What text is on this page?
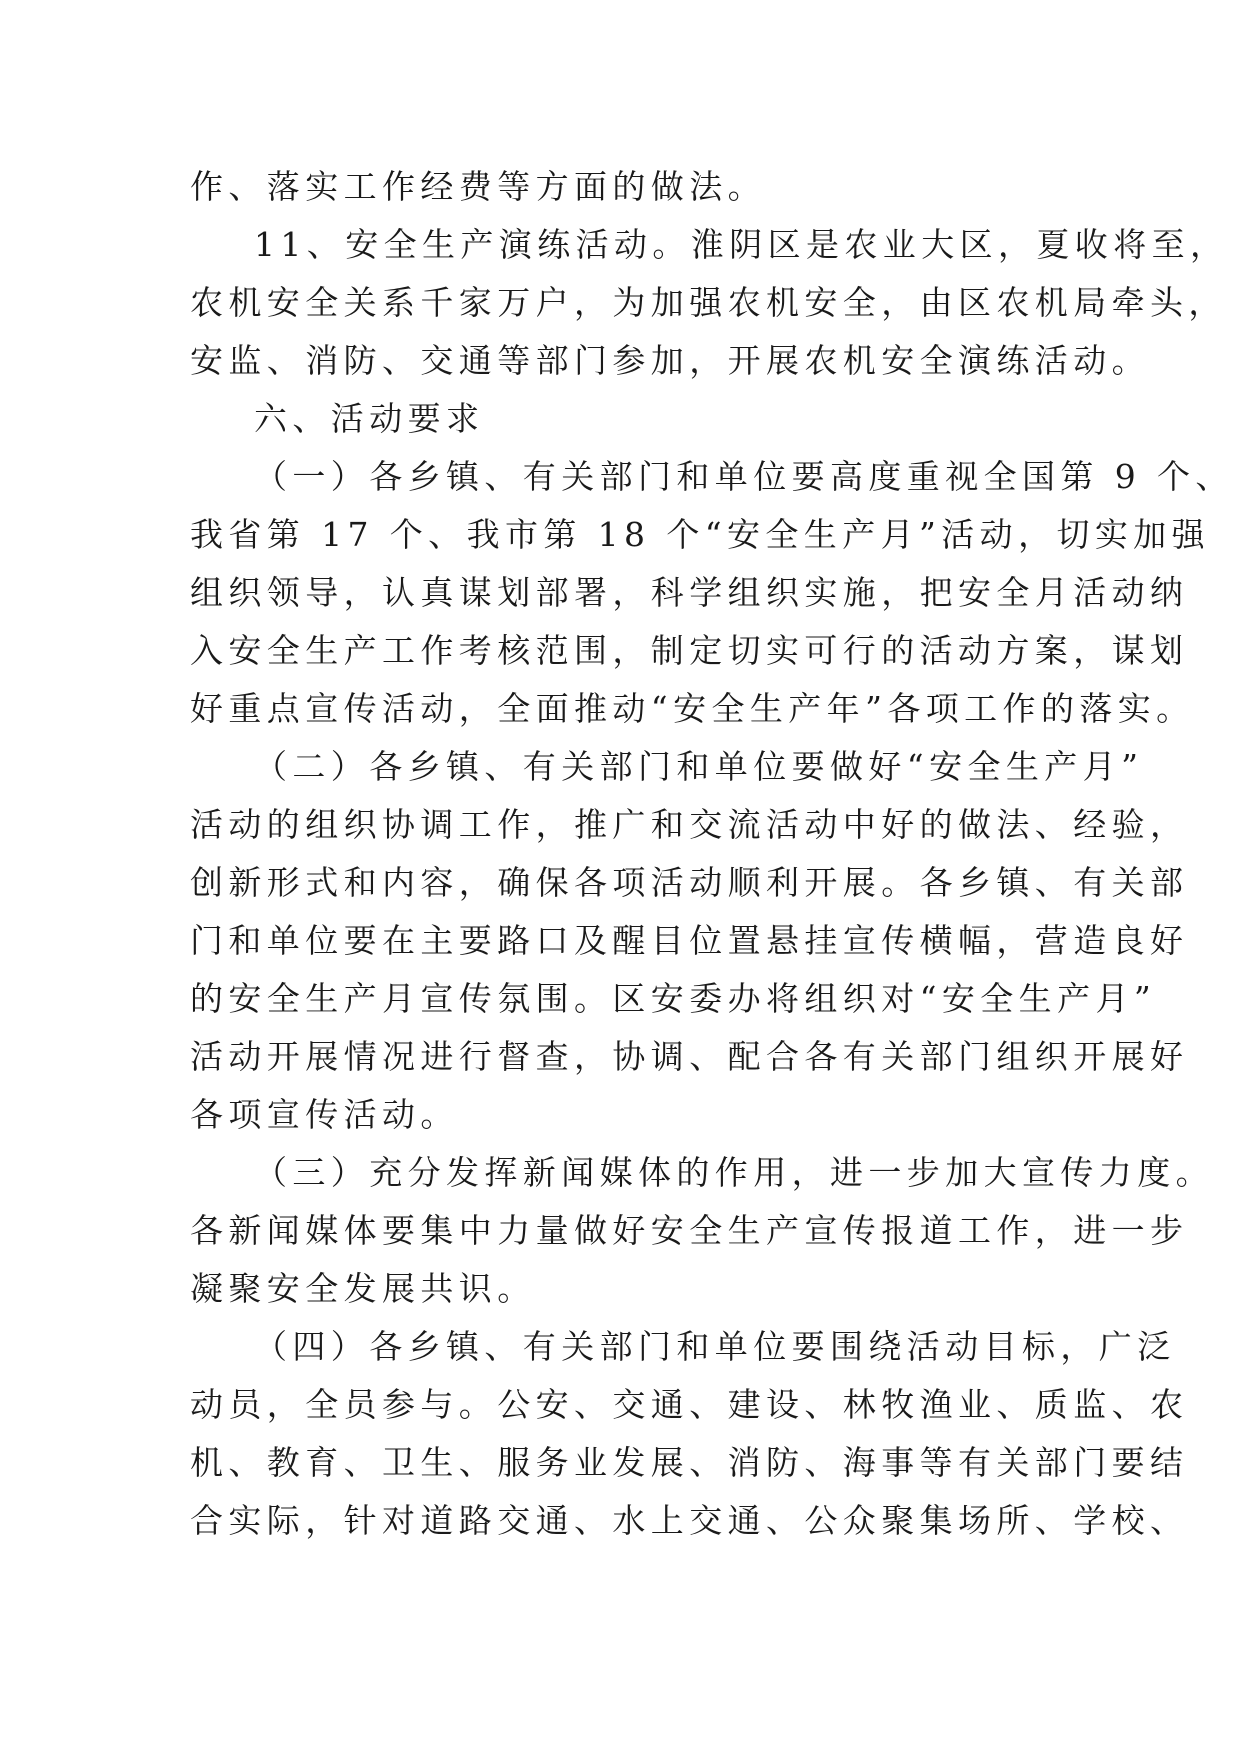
作、落实工作经费等方面的做法。
11、安全生产演练活动。淮阴区是农业大区，夏收将至，
农机安全关系千家万户，为加强农机安全，由区农机局牵头，
安监、消防、交通等部门参加，开展农机安全演练活动。
六、活动要求
（一）各乡镇、有关部门和单位要高度重视全国第 9 个、
我省第 17 个、我市第 18 个“安全生产月”活动，切实加强
组织领导，认真谋划部署，科学组织实施，把安全月活动纳
入安全生产工作考核范围，制定切实可行的活动方案，谋划
好重点宣传活动，全面推动“安全生产年”各项工作的落实。
（二）各乡镇、有关部门和单位要做好“安全生产月”
活动的组织协调工作，推广和交流活动中好的做法、经验，
创新形式和内容，确保各项活动顺利开展。各乡镇、有关部
门和单位要在主要路口及醒目位置悬挂宣传横幅，营造良好
的安全生产月宣传氛围。区安委办将组织对“安全生产月”
活动开展情况进行督查，协调、配合各有关部门组织开展好
各项宣传活动。
（三）充分发挥新闻媒体的作用，进一步加大宣传力度。
各新闻媒体要集中力量做好安全生产宣传报道工作，进一步
凝聚安全发展共识。
（四）各乡镇、有关部门和单位要围绕活动目标，广泛
动员，全员参与。公安、交通、建设、林牧渔业、质监、农
机、教育、卫生、服务业发展、消防、海事等有关部门要结
合实际，针对道路交通、水上交通、公众聚集场所、学校、
